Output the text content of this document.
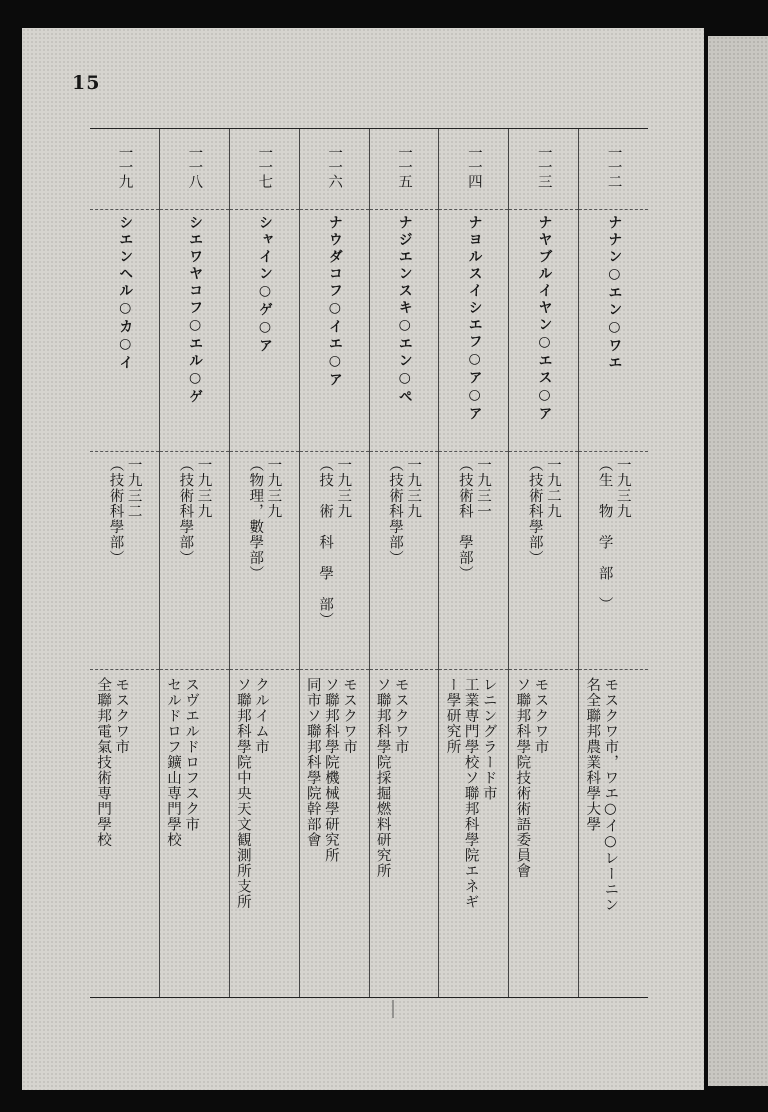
15
一一二
ナナン○エン○ワエ
一九三九
（生　物　学　部　）
モスクワ市，ワエ○イ○レーニン
名全聯邦農業科學大學
一一三
ナヤブルイヤン○エス○ア
一九二九
（技術科學部）
モスクワ市
ソ聯邦科學院技術術語委員會
一一四
ナヨルスイシエフ○ア○ア
一九三一
（技術科　學部）
レニングラード市
工業専門學校ソ聯邦科學院エネギ
ー學研究所
一一五
ナジエンスキ○エン○ペ
一九三九
（技術科學部）
モスクワ市
ソ聯邦科學院採掘燃料研究所
一一六
ナウダコフ○イエ○ア
一九三九
（技　術　科　學　部）
モスクワ市
ソ聯邦科學院機械學研究所
同市ソ聯邦科學院幹部會
一一七
シャイン○ゲ○ア
一九三九
（物理，數學部）
クルイム市
ソ聯邦科學院中央天文観測所支所
一一八
シエワヤコフ○エル○ゲ
一九三九
（技術科學部）
スヴエルドロフスク市
セルドロフ鑛山専門學校
一一九
シエンヘル○カ○イ
一九三二
（技術科學部）
モスクワ市
全聯邦電氣技術専門學校
